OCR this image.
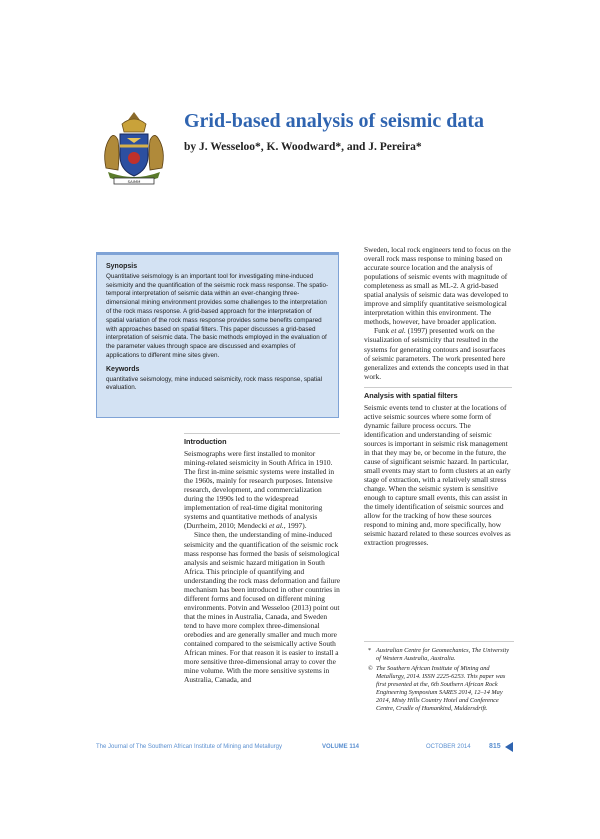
SAIMM
Grid-based analysis of seismic data
by J. Wesseloo*, K. Woodward*, and J. Pereira*
Synopsis
Quantitative seismology is an important tool for investigating mine-induced seismicity and the quantification of the seismic rock mass response. The spatio-temporal interpretation of seismic data within an ever-changing three-dimensional mining environment provides some challenges to the interpretation of the rock mass response. A grid-based approach for the interpretation of spatial variation of the rock mass response provides some benefits compared with approaches based on spatial filters. This paper discusses a grid-based interpretation of seismic data. The basic methods employed in the evaluation of the parameter values through space are discussed and examples of applications to different mine sites given.
Keywords
quantitative seismology, mine induced seismicity, rock mass response, spatial evaluation.
Introduction

Seismographs were first installed to monitor mining-related seismicity in South Africa in 1910. The first in-mine seismic systems were installed in the 1960s, mainly for research purposes. Intensive research, development, and commercialization during the 1990s led to the widespread implementation of real-time digital monitoring systems and quantitative methods of analysis (Durrheim, 2010; Mendecki et al., 1997).

Since then, the understanding of mine-induced seismicity and the quantification of the seismic rock mass response has formed the basis of seismological analysis and seismic hazard mitigation in South Africa. This principle of quantifying and understanding the rock mass deformation and failure mechanism has been introduced in other countries in different forms and focused on different mining environments. Potvin and Wesseloo (2013) point out that the mines in Australia, Canada, and Sweden tend to have more complex three-dimensional orebodies and are generally smaller and much more contained compared to the seismically active South African mines. For that reason it is easier to install a more sensitive three-dimensional array to cover the mine volume. With the more sensitive systems in Australia, Canada, and

Sweden, local rock engineers tend to focus on the overall rock mass response to mining based on accurate source location and the analysis of populations of seismic events with magnitude of completeness as small as ML-2. A grid-based spatial analysis of seismic data was developed to improve and simplify quantitative seismological interpretation within this environment. The methods, however, have broader application.

Funk et al. (1997) presented work on the visualization of seismicity that resulted in the systems for generating contours and isosurfaces of seismic parameters. The work presented here generalizes and extends the concepts used in that work.

Analysis with spatial filters

Seismic events tend to cluster at the locations of active seismic sources where some form of dynamic failure process occurs. The identification and understanding of seismic sources is important in seismic risk management in that they may be, or become in the future, the cause of significant seismic hazard. In particular, small events may start to form clusters at an early stage of extraction, with a relatively small stress change. When the seismic system is sensitive enough to capture small events, this can assist in the timely identification of seismic sources and allow for the tracking of how these sources respond to mining and, more specifically, how seismic hazard related to these sources evolves as extraction progresses.

* Australian Centre for Geomechanics, The University of Western Australia, Australia.
© The Southern African Institute of Mining and Metallurgy, 2014. ISSN 2225-6253. This paper was first presented at the, 6th Southern African Rock Engineering Symposium SARES 2014, 12–14 May 2014, Misty Hills Country Hotel and Conference Centre, Cradle of Humankind, Muldersdrift.
The Journal of The Southern African Institute of Mining and Metallurgy	VOLUME 114	OCTOBER 2014	815
